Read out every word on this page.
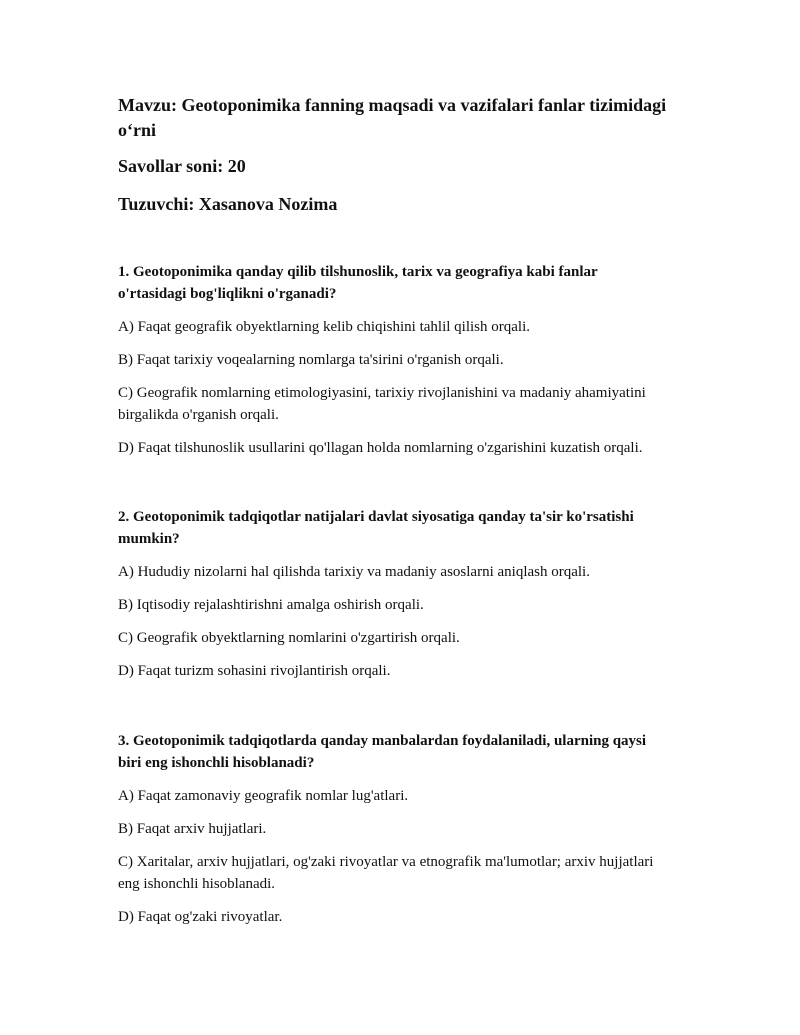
Mavzu: Geotoponimika fanning maqsadi va vazifalari fanlar tizimidagi o‘rni

Savollar soni: 20

Tuzuvchi: Xasanova Nozima

1. Geotoponimika qanday qilib tilshunoslik, tarix va geografiya kabi fanlar o'rtasidagi bog'liqlikni o'rganadi?

A) Faqat geografik obyektlarning kelib chiqishini tahlil qilish orqali.

B) Faqat tarixiy voqealarning nomlarga ta'sirini o'rganish orqali.

C) Geografik nomlarning etimologiyasini, tarixiy rivojlanishini va madaniy ahamiyatini birgalikda o'rganish orqali.

D) Faqat tilshunoslik usullarini qo'llagan holda nomlarning o'zgarishini kuzatish orqali.

2. Geotoponimik tadqiqotlar natijalari davlat siyosatiga qanday ta'sir ko'rsatishi mumkin?

A) Hududiy nizolarni hal qilishda tarixiy va madaniy asoslarni aniqlash orqali.

B) Iqtisodiy rejalashtirishni amalga oshirish orqali.

C) Geografik obyektlarning nomlarini o'zgartirish orqali.

D) Faqat turizm sohasini rivojlantirish orqali.

3. Geotoponimik tadqiqotlarda qanday manbalardan foydalaniladi, ularning qaysi biri eng ishonchli hisoblanadi?

A) Faqat zamonaviy geografik nomlar lug'atlari.

B) Faqat arxiv hujjatlari.

C) Xaritalar, arxiv hujjatlari, og'zaki rivoyatlar va etnografik ma'lumotlar; arxiv hujjatlari eng ishonchli hisoblanadi.

D) Faqat og'zaki rivoyatlar.
